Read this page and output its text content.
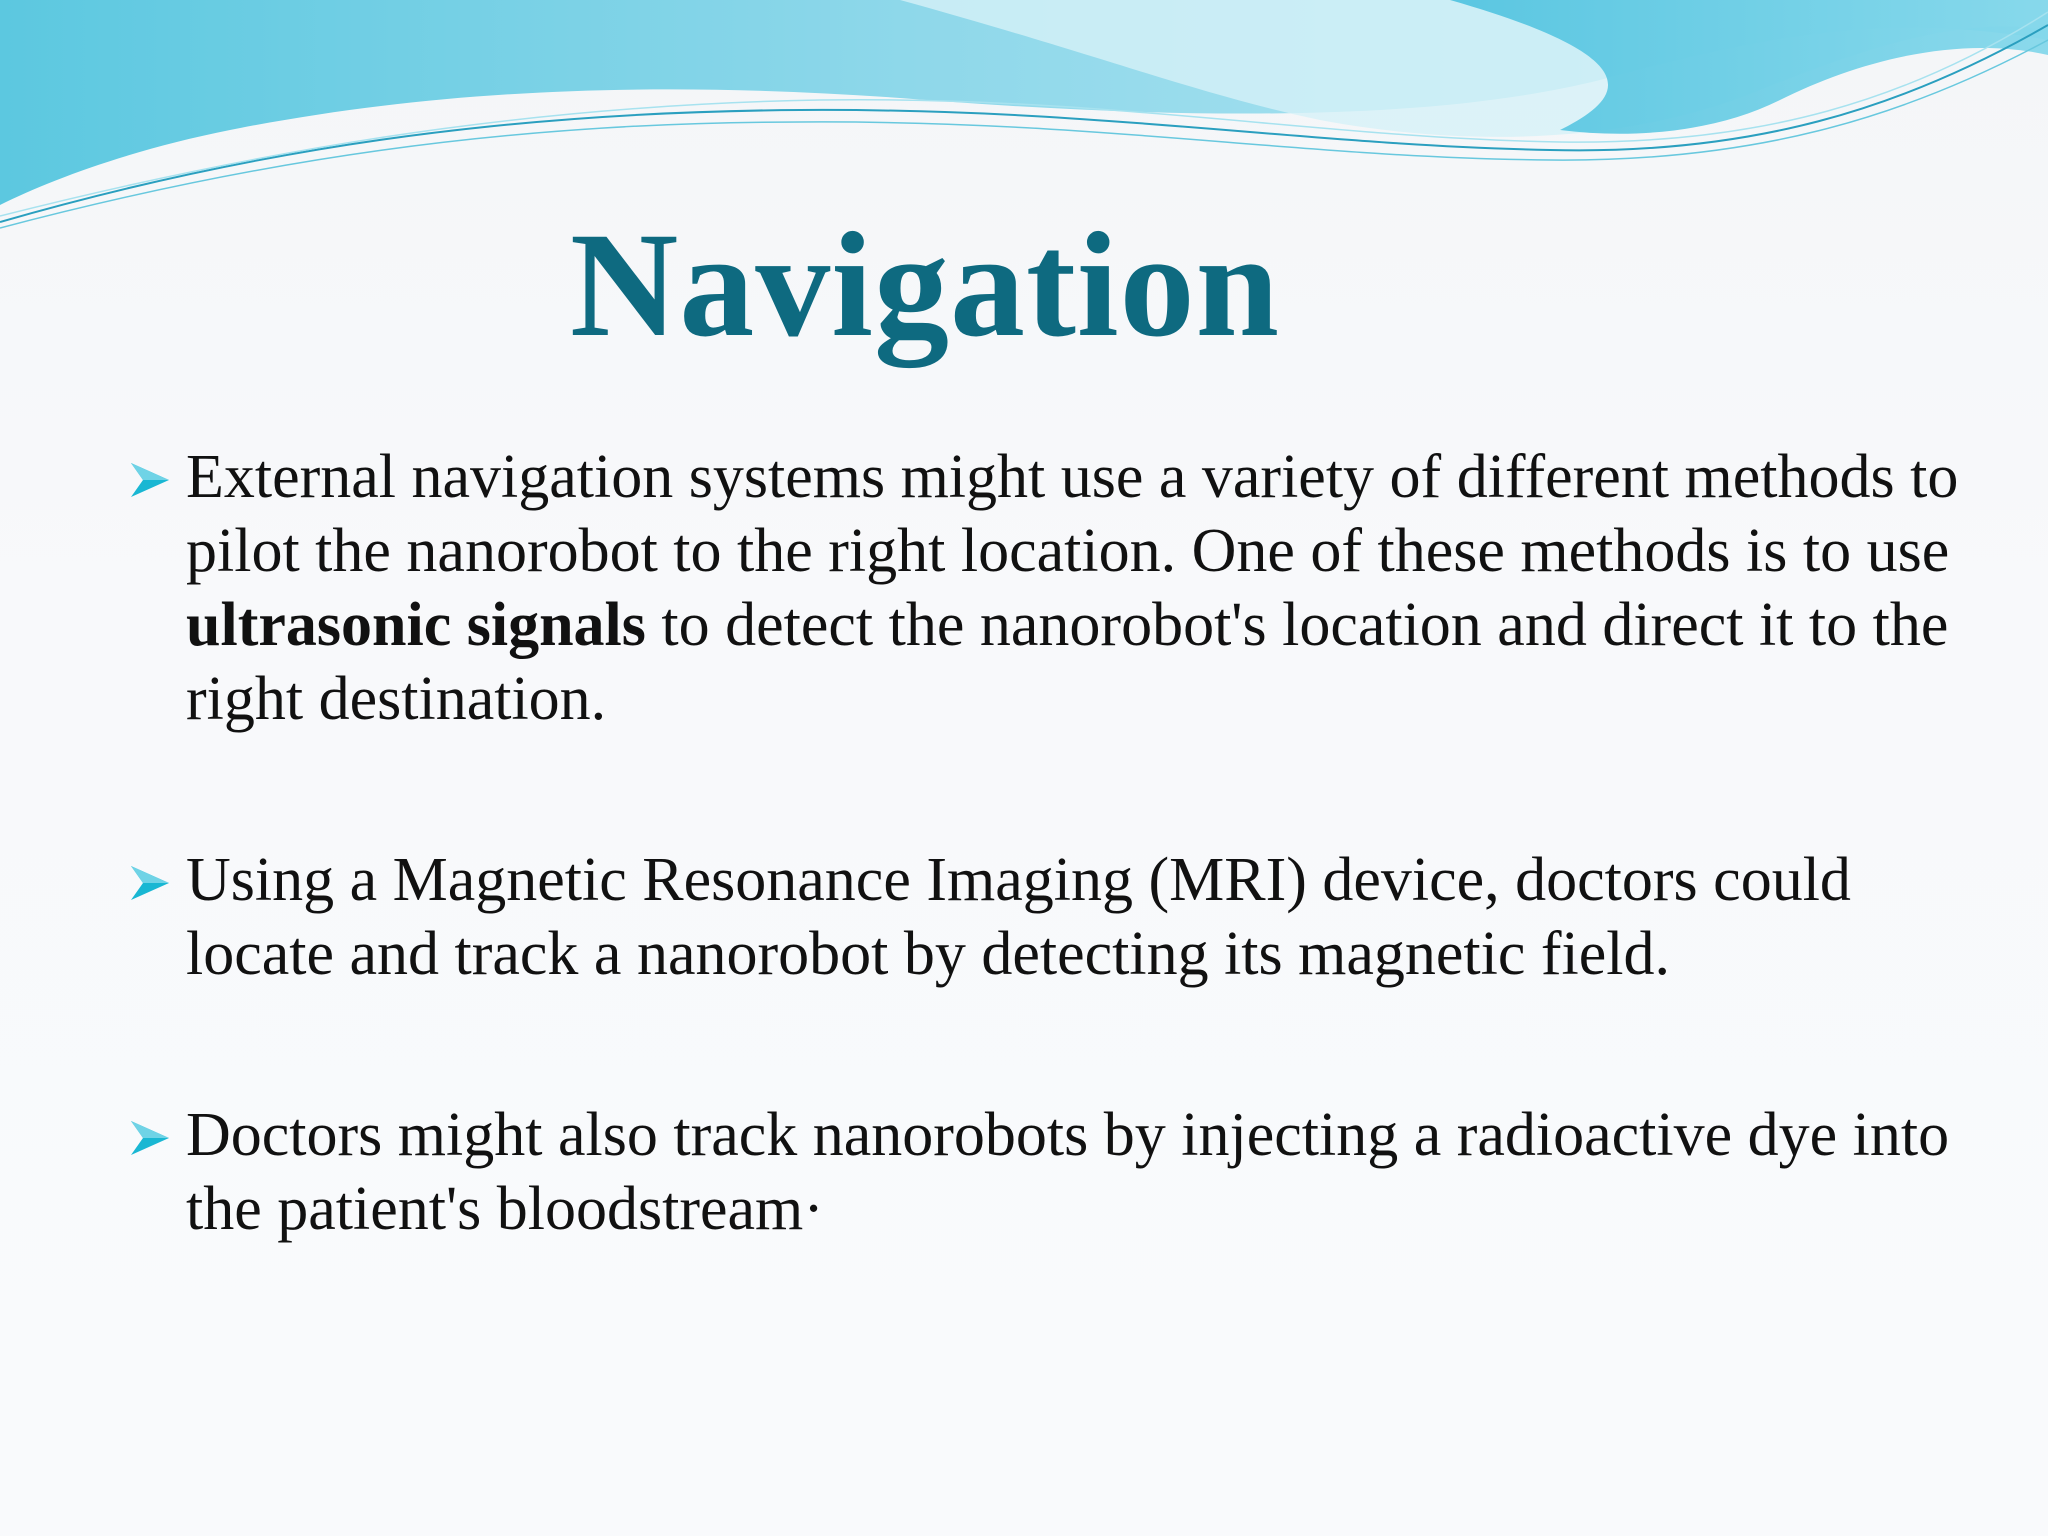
Navigation
External navigation systems might use a variety of different methods to pilot the nanorobot to the right location. One of these methods is to use ultrasonic signals to detect the nanorobot's location and direct it to the right destination.
Using a Magnetic Resonance Imaging (MRI) device, doctors could locate and track a nanorobot by detecting its magnetic field.
Doctors might also track nanorobots by injecting a radioactive dye into the patient's bloodstream·
